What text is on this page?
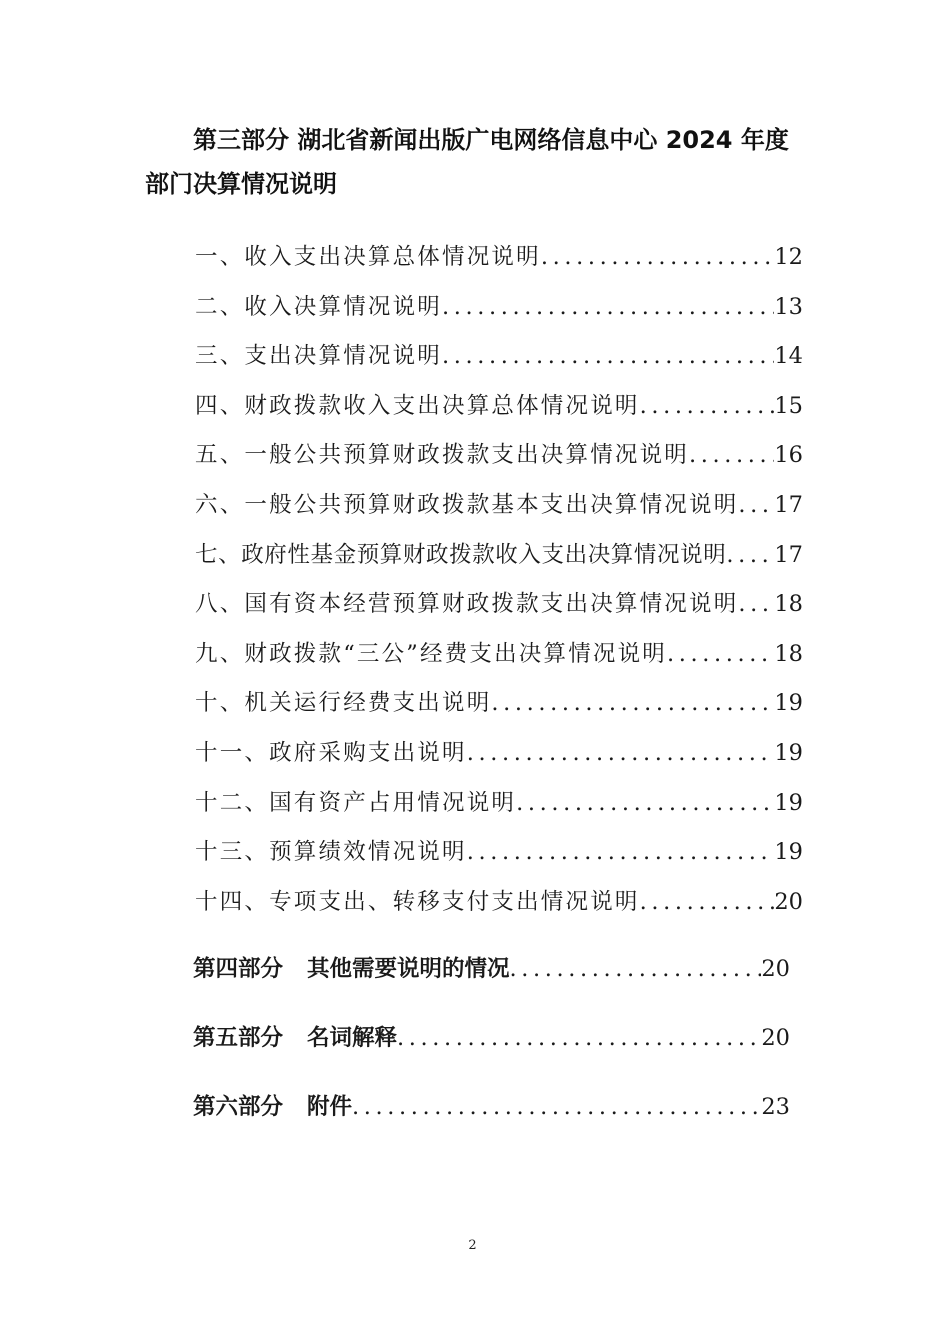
第三部分 湖北省新闻出版广电网络信息中心 2024 年度
部门决算情况说明
一、收入支出决算总体情况说明 .....	12
二、收入决算情况说明 .....	13
三、支出决算情况说明 .....	14
四、财政拨款收入支出决算总体情况说明 .....	15
五、一般公共预算财政拨款支出决算情况说明 .....	16
六、一般公共预算财政拨款基本支出决算情况说明 ..... 17
七、政府性基金预算财政拨款收入支出决算情况说明 ..... 17
八、国有资本经营预算财政拨款支出决算情况说明 ..... 18
九、财政拨款“三公”经费支出决算情况说明 .....	18
十、机关运行经费支出说明 .....	19
十一、政府采购支出说明 .....	19
十二、国有资产占用情况说明 .....	19
十三、预算绩效情况说明 .....	19
十四、专项支出、转移支付支出情况说明 .....	20
第四部分 其他需要说明的情况 .....	20
第五部分 名词解释 .....	20
第六部分 附件 .....	23
2
